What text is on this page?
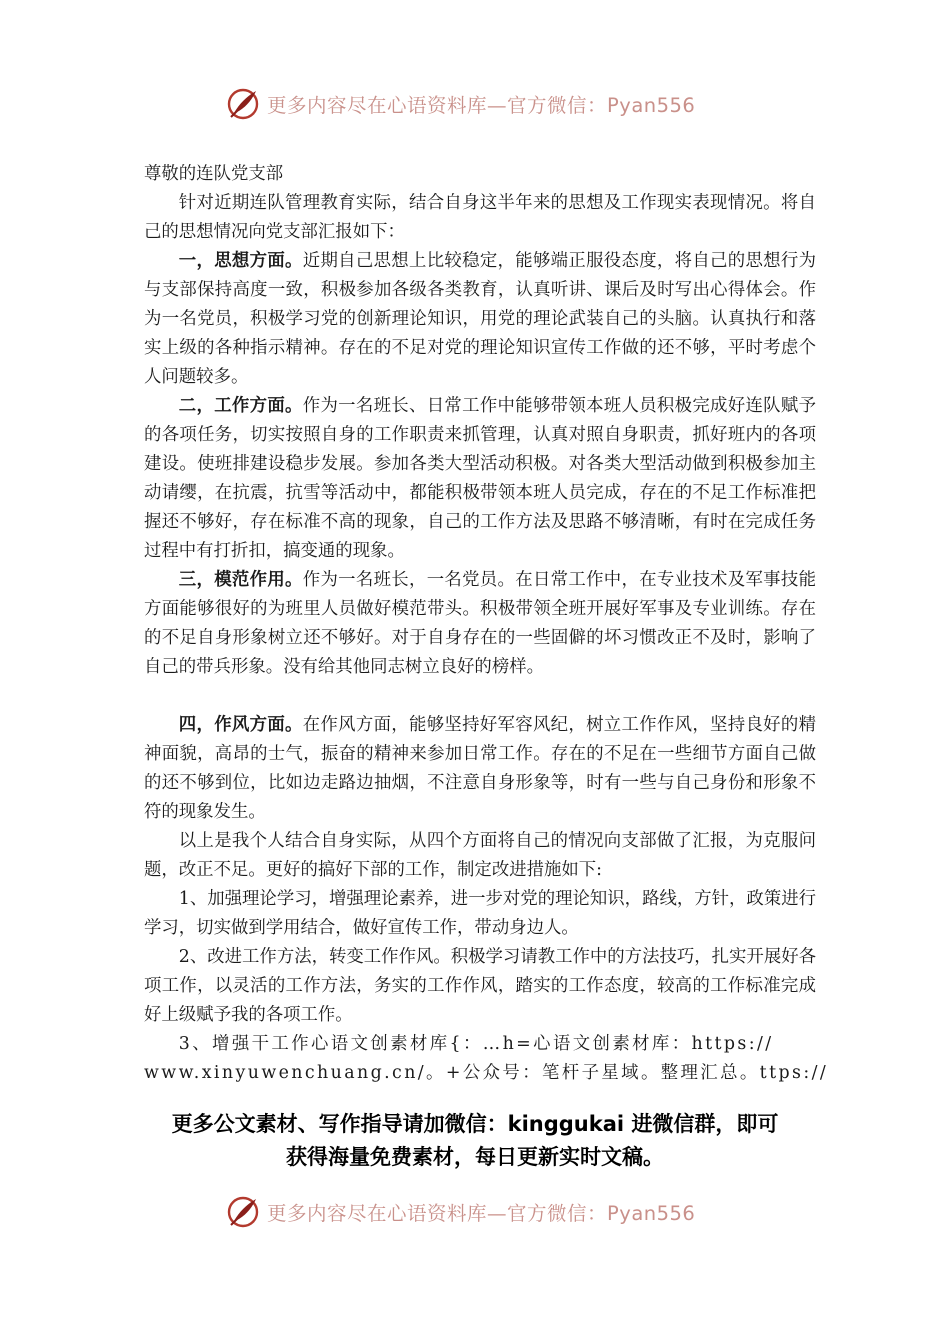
更多内容尽在心语资料库—官方微信：Pyan556

尊敬的连队党支部

针对近期连队管理教育实际，结合自身这半年来的思想及工作现实表现情况。将自己的思想情况向党支部汇报如下：

一，思想方面。近期自己思想上比较稳定，能够端正服役态度，将自己的思想行为与支部保持高度一致，积极参加各级各类教育，认真听讲、课后及时写出心得体会。作为一名党员，积极学习党的创新理论知识，用党的理论武装自己的头脑。认真执行和落实上级的各种指示精神。存在的不足对党的理论知识宣传工作做的还不够，平时考虑个人问题较多。

二，工作方面。作为一名班长、日常工作中能够带领本班人员积极完成好连队赋予的各项任务，切实按照自身的工作职责来抓管理，认真对照自身职责，抓好班内的各项建设。使班排建设稳步发展。参加各类大型活动积极。对各类大型活动做到积极参加主动请缨，在抗震，抗雪等活动中，都能积极带领本班人员完成，存在的不足工作标准把握还不够好，存在标准不高的现象，自己的工作方法及思路不够清晰，有时在完成任务过程中有打折扣，搞变通的现象。

三，模范作用。作为一名班长，一名党员。在日常工作中，在专业技术及军事技能方面能够很好的为班里人员做好模范带头。积极带领全班开展好军事及专业训练。存在的不足自身形象树立还不够好。对于自身存在的一些固僻的坏习惯改正不及时，影响了自己的带兵形象。没有给其他同志树立良好的榜样。

四，作风方面。在作风方面，能够坚持好军容风纪，树立工作作风，坚持良好的精神面貌，高昂的士气，振奋的精神来参加日常工作。存在的不足在一些细节方面自己做的还不够到位，比如边走路边抽烟，不注意自身形象等，时有一些与自己身份和形象不符的现象发生。

以上是我个人结合自身实际，从四个方面将自己的情况向支部做了汇报，为克服问题，改正不足。更好的搞好下部的工作，制定改进措施如下:

1、加强理论学习，增强理论素养，进一步对党的理论知识，路线，方针，政策进行学习，切实做到学用结合，做好宣传工作，带动身边人。

2、改进工作方法，转变工作作风。积极学习请教工作中的方法技巧，扎实开展好各项工作，以灵活的工作方法，务实的工作作风，踏实的工作态度，较高的工作标准完成好上级赋予我的各项工作。

3、增强干工作心语文创素材库{：…h=心语文创素材库：https://

www.xinyuwenchuang.cn/。+公众号：笔杆子星域。整理汇总。ttps://

更多公文素材、写作指导请加微信：kinggukai 进微信群，即可
获得海量免费素材，每日更新实时文稿。
更多内容尽在心语资料库—官方微信：Pyan556
